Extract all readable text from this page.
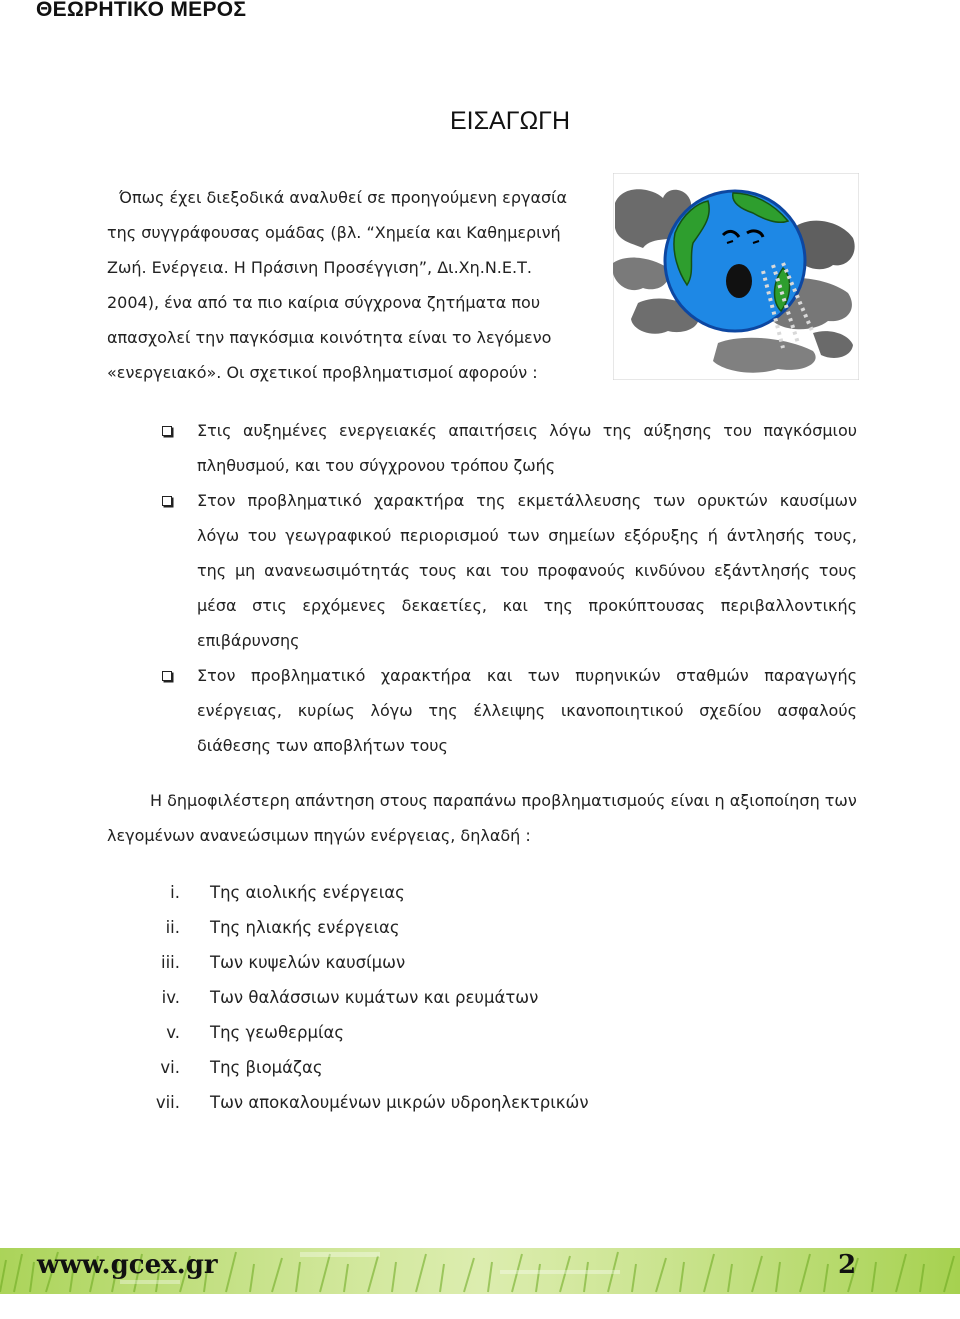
ΘΕΩΡΗΤΙΚΟ ΜΕΡΟΣ
ΕΙΣΑΓΩΓΗ
Όπως έχει διεξοδικά αναλυθεί σε προηγούμενη εργασία
της συγγράφουσας ομάδας (βλ. “Χημεία και Καθημερινή
Ζωή. Ενέργεια. Η Πράσινη Προσέγγιση”, Δι.Χη.Ν.Ε.Τ.
2004), ένα από τα πιο καίρια σύγχρονα ζητήματα που
απασχολεί την παγκόσμια κοινότητα είναι το λεγόμενο
«ενεργειακό». Οι σχετικοί προβληματισμοί αφορούν :
Στις αυξημένες ενεργειακές απαιτήσεις λόγω της αύξησης του παγκόσμιου
πληθυσμού, και του σύγχρονου τρόπου ζωής
Στον προβληματικό χαρακτήρα της εκμετάλλευσης των ορυκτών καυσίμων
λόγω του γεωγραφικού περιορισμού των σημείων εξόρυξης ή άντλησής τους,
της μη ανανεωσιμότητάς τους και του προφανούς κινδύνου εξάντλησής τους
μέσα στις ερχόμενες δεκαετίες, και της προκύπτουσας περιβαλλοντικής
επιβάρυνσης
Στον προβληματικό χαρακτήρα και των πυρηνικών σταθμών παραγωγής
ενέργειας, κυρίως λόγω της έλλειψης ικανοποιητικού σχεδίου ασφαλούς
διάθεσης των αποβλήτων τους
Η δημοφιλέστερη απάντηση στους παραπάνω προβληματισμούς είναι η αξιοποίηση των
λεγομένων ανανεώσιμων πηγών ενέργειας, δηλαδή :
i. Της αιολικής ενέργειας
ii. Της ηλιακής ενέργειας
iii. Των κυψελών καυσίμων
iv. Των θαλάσσιων κυμάτων και ρευμάτων
v. Της γεωθερμίας
vi. Της βιομάζας
vii. Των αποκαλουμένων μικρών υδροηλεκτρικών
www.gcex.gr	2
